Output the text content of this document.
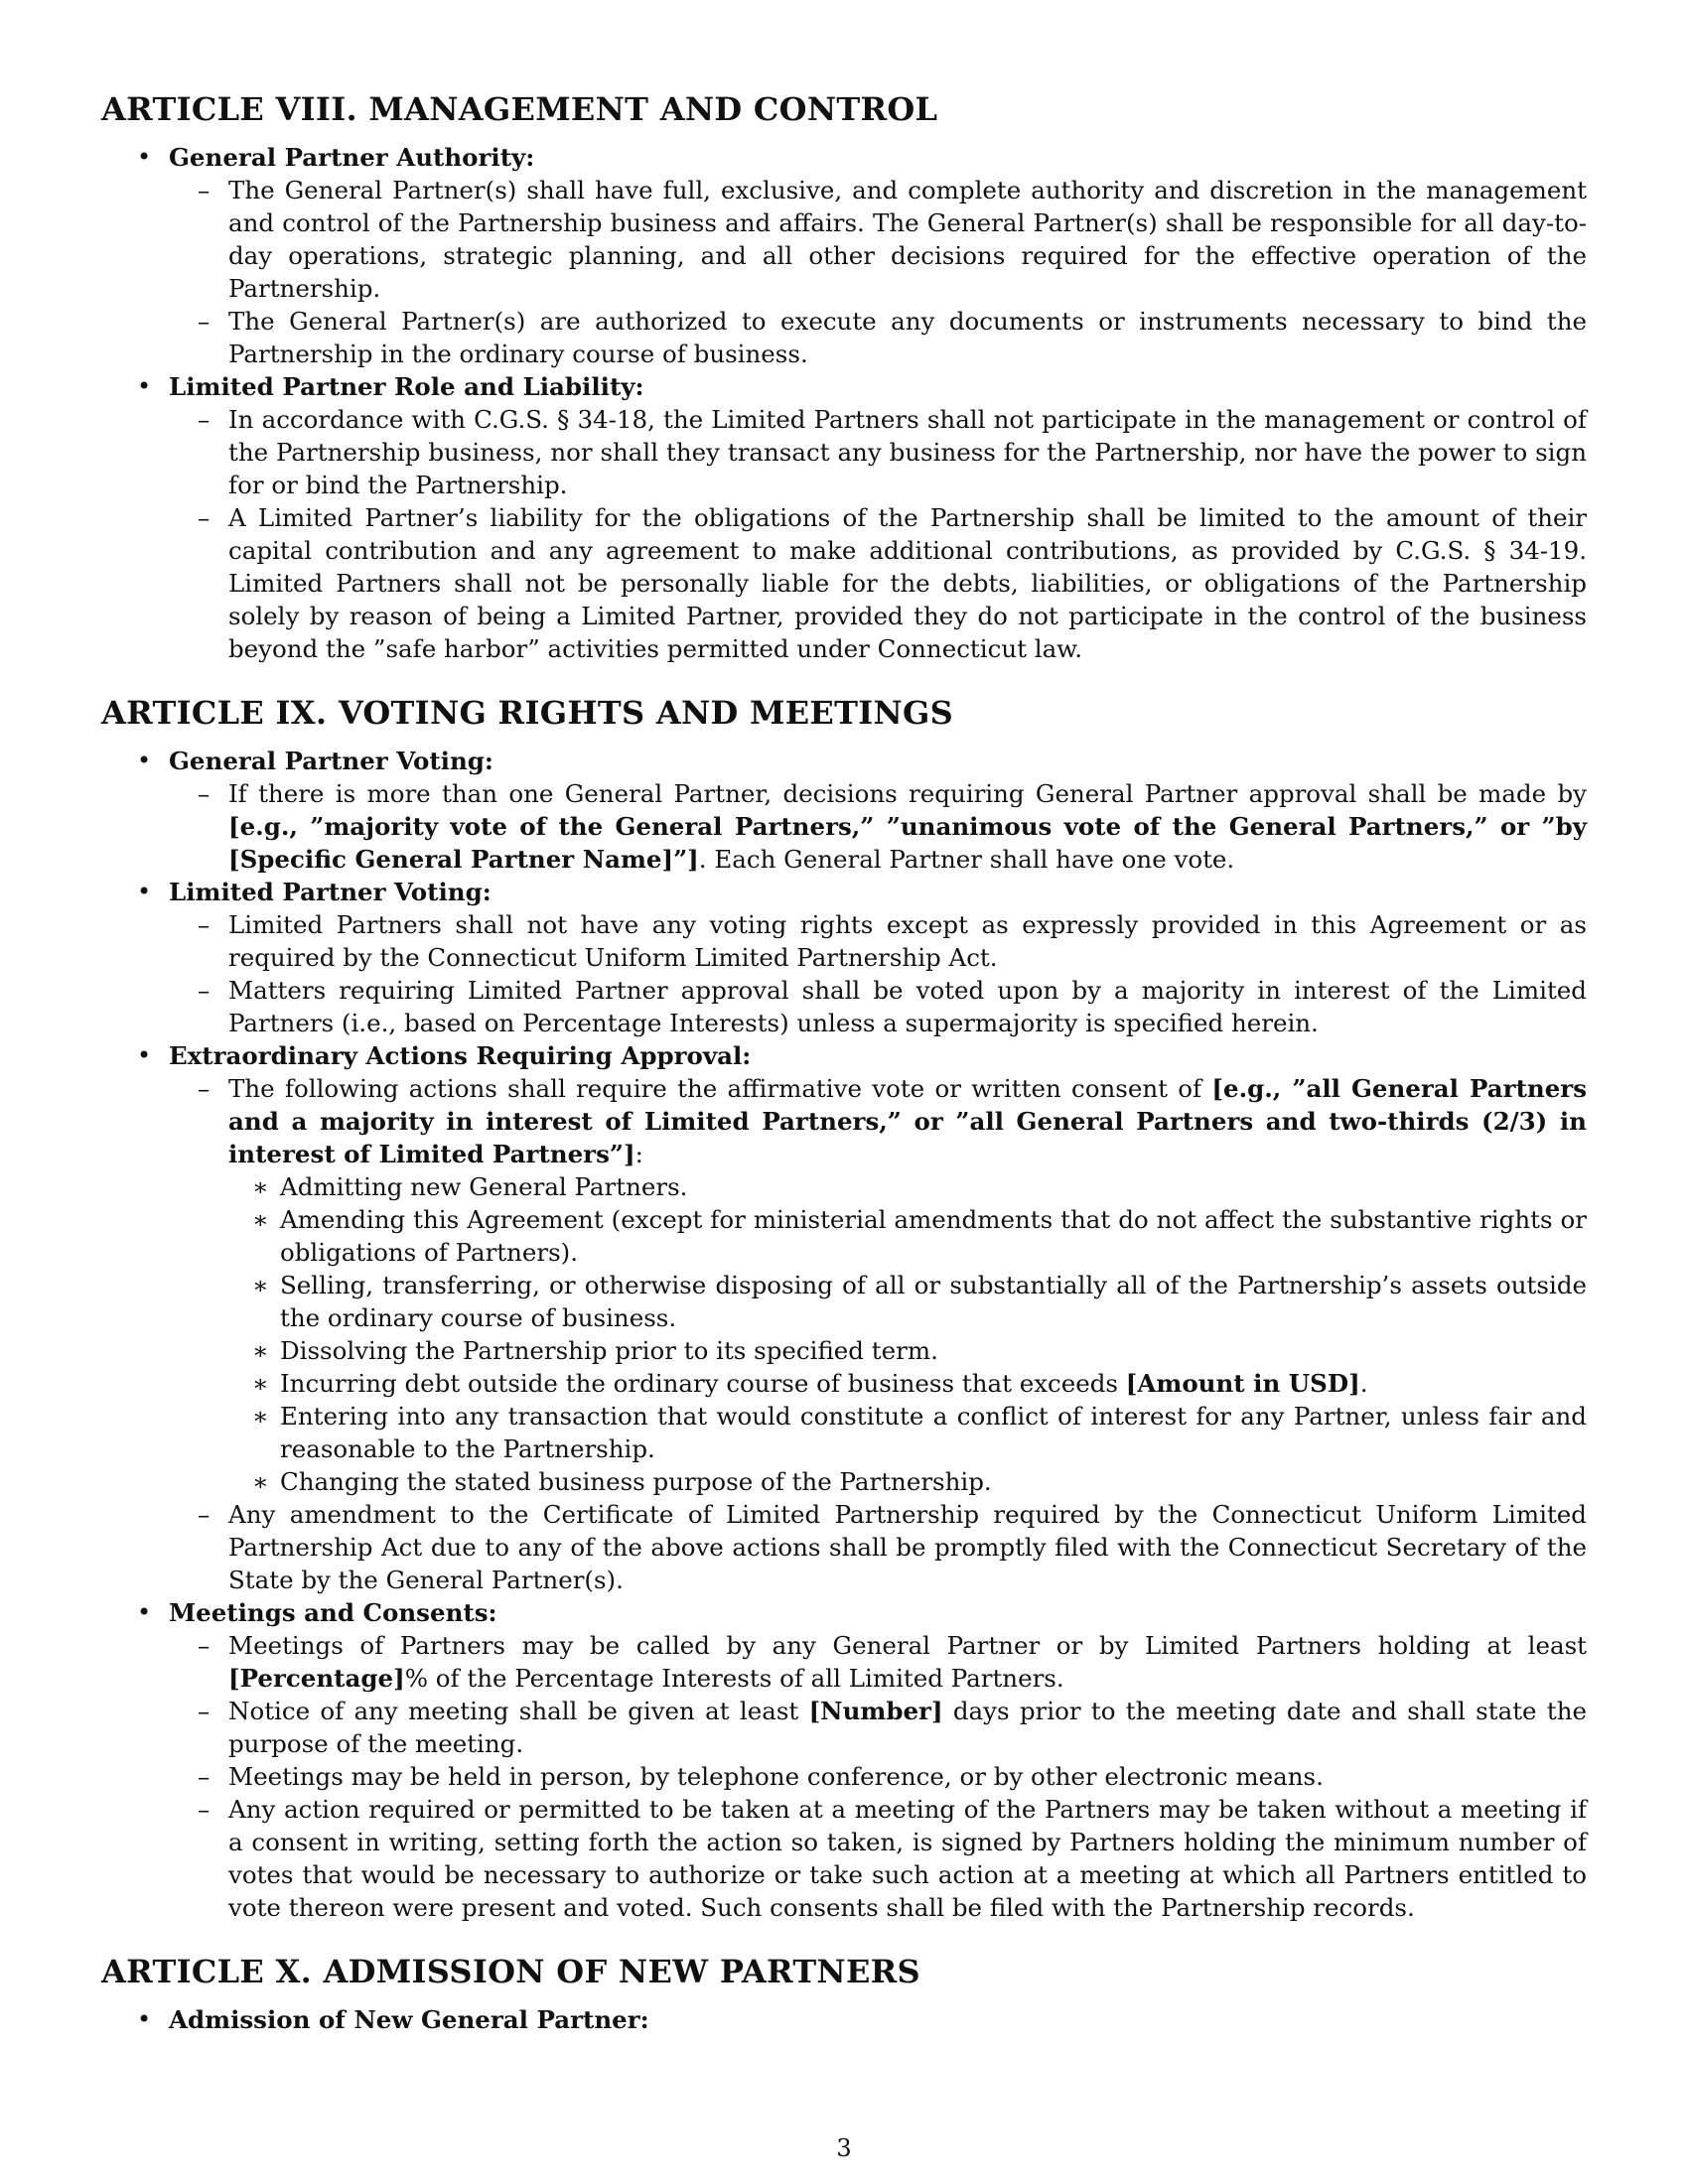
ARTICLE VIII. MANAGEMENT AND CONTROL
• General Partner Authority:
– The General Partner(s) shall have full, exclusive, and complete authority and discretion in the management and control of the Partnership business and affairs. The General Partner(s) shall be responsible for all day-to-day operations, strategic planning, and all other decisions required for the effective operation of the Partnership.
– The General Partner(s) are authorized to execute any documents or instruments necessary to bind the Partnership in the ordinary course of business.
• Limited Partner Role and Liability:
– In accordance with C.G.S. § 34-18, the Limited Partners shall not participate in the management or control of the Partnership business, nor shall they transact any business for the Partnership, nor have the power to sign for or bind the Partnership.
– A Limited Partner’s liability for the obligations of the Partnership shall be limited to the amount of their capital contribution and any agreement to make additional contributions, as provided by C.G.S. § 34-19. Limited Partners shall not be personally liable for the debts, liabilities, or obligations of the Partnership solely by reason of being a Limited Partner, provided they do not participate in the control of the business beyond the ”safe harbor” activities permitted under Connecticut law.
ARTICLE IX. VOTING RIGHTS AND MEETINGS
• General Partner Voting:
– If there is more than one General Partner, decisions requiring General Partner approval shall be made by [e.g., ”majority vote of the General Partners,” ”unanimous vote of the General Partners,” or ”by [Specific General Partner Name]”]. Each General Partner shall have one vote.
• Limited Partner Voting:
– Limited Partners shall not have any voting rights except as expressly provided in this Agreement or as required by the Connecticut Uniform Limited Partnership Act.
– Matters requiring Limited Partner approval shall be voted upon by a majority in interest of the Limited Partners (i.e., based on Percentage Interests) unless a supermajority is specified herein.
• Extraordinary Actions Requiring Approval:
– The following actions shall require the affirmative vote or written consent of [e.g., ”all General Partners and a majority in interest of Limited Partners,” or ”all General Partners and two-thirds (2/3) in interest of Limited Partners”]:
∗ Admitting new General Partners.
∗ Amending this Agreement (except for ministerial amendments that do not affect the substantive rights or obligations of Partners).
∗ Selling, transferring, or otherwise disposing of all or substantially all of the Partnership’s assets outside the ordinary course of business.
∗ Dissolving the Partnership prior to its specified term.
∗ Incurring debt outside the ordinary course of business that exceeds [Amount in USD].
∗ Entering into any transaction that would constitute a conflict of interest for any Partner, unless fair and reasonable to the Partnership.
∗ Changing the stated business purpose of the Partnership.
– Any amendment to the Certificate of Limited Partnership required by the Connecticut Uniform Limited Partnership Act due to any of the above actions shall be promptly filed with the Connecticut Secretary of the State by the General Partner(s).
• Meetings and Consents:
– Meetings of Partners may be called by any General Partner or by Limited Partners holding at least [Percentage]% of the Percentage Interests of all Limited Partners.
– Notice of any meeting shall be given at least [Number] days prior to the meeting date and shall state the purpose of the meeting.
– Meetings may be held in person, by telephone conference, or by other electronic means.
– Any action required or permitted to be taken at a meeting of the Partners may be taken without a meeting if a consent in writing, setting forth the action so taken, is signed by Partners holding the minimum number of votes that would be necessary to authorize or take such action at a meeting at which all Partners entitled to vote thereon were present and voted. Such consents shall be filed with the Partnership records.
ARTICLE X. ADMISSION OF NEW PARTNERS
• Admission of New General Partner:
3
